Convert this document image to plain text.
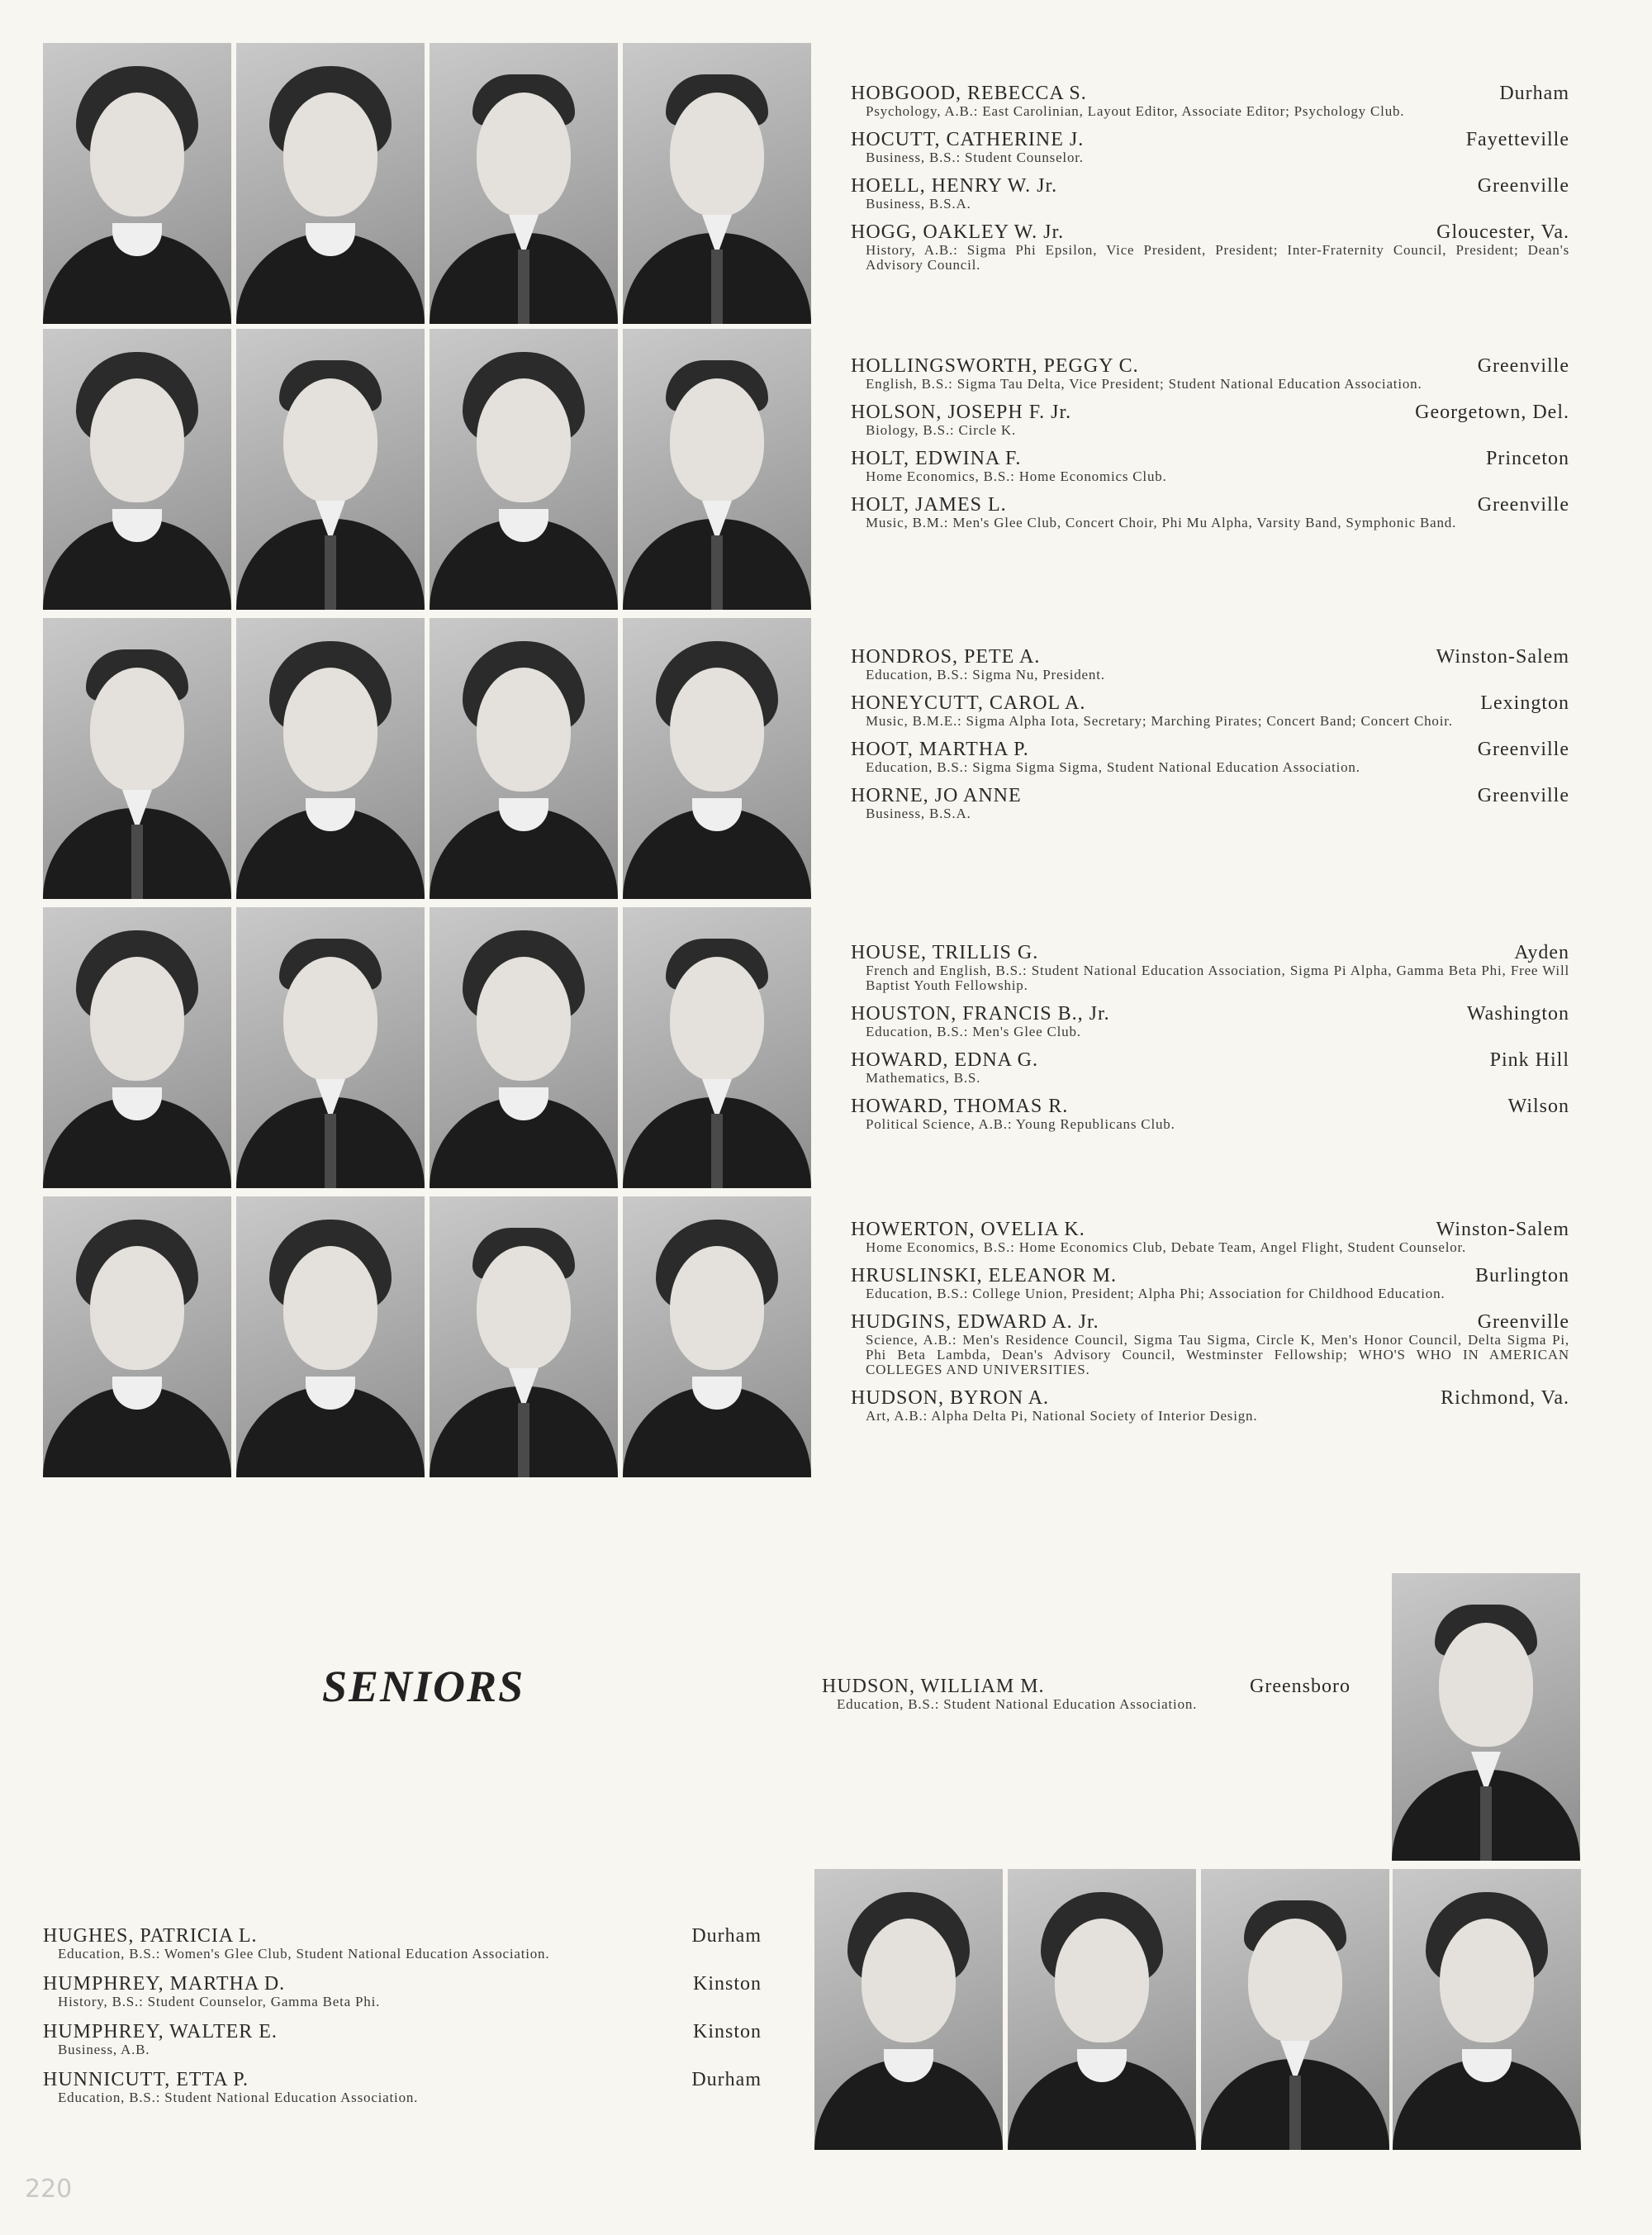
HOBGOOD, REBECCA S.	Durham
Psychology, A.B.: East Carolinian, Layout Editor, Associate Editor; Psychology Club.
HOCUTT, CATHERINE J.	Fayetteville
Business, B.S.: Student Counselor.
HOELL, HENRY W. Jr.	Greenville
Business, B.S.A.
HOGG, OAKLEY W. Jr.	Gloucester, Va.
History, A.B.: Sigma Phi Epsilon, Vice President, President; Inter-Fraternity Council, President; Dean's Advisory Council.
HOLLINGSWORTH, PEGGY C.	Greenville
English, B.S.: Sigma Tau Delta, Vice President; Student National Education Association.
HOLSON, JOSEPH F. Jr.	Georgetown, Del.
Biology, B.S.: Circle K.
HOLT, EDWINA F.	Princeton
Home Economics, B.S.: Home Economics Club.
HOLT, JAMES L.	Greenville
Music, B.M.: Men's Glee Club, Concert Choir, Phi Mu Alpha, Varsity Band, Symphonic Band.
HONDROS, PETE A.	Winston-Salem
Education, B.S.: Sigma Nu, President.
HONEYCUTT, CAROL A.	Lexington
Music, B.M.E.: Sigma Alpha Iota, Secretary; Marching Pirates; Concert Band; Concert Choir.
HOOT, MARTHA P.	Greenville
Education, B.S.: Sigma Sigma Sigma, Student National Education Association.
HORNE, JO ANNE	Greenville
Business, B.S.A.
HOUSE, TRILLIS G.	Ayden
French and English, B.S.: Student National Education Association, Sigma Pi Alpha, Gamma Beta Phi, Free Will Baptist Youth Fellowship.
HOUSTON, FRANCIS B., Jr.	Washington
Education, B.S.: Men's Glee Club.
HOWARD, EDNA G.	Pink Hill
Mathematics, B.S.
HOWARD, THOMAS R.	Wilson
Political Science, A.B.: Young Republicans Club.
HOWERTON, OVELIA K.	Winston-Salem
Home Economics, B.S.: Home Economics Club, Debate Team, Angel Flight, Student Counselor.
HRUSLINSKI, ELEANOR M.	Burlington
Education, B.S.: College Union, President; Alpha Phi; Association for Childhood Education.
HUDGINS, EDWARD A. Jr.	Greenville
Science, A.B.: Men's Residence Council, Sigma Tau Sigma, Circle K, Men's Honor Council, Delta Sigma Pi, Phi Beta Lambda, Dean's Advisory Council, Westminster Fellowship; WHO'S WHO IN AMERICAN COLLEGES AND UNIVERSITIES.
HUDSON, BYRON A.	Richmond, Va.
Art, A.B.: Alpha Delta Pi, National Society of Interior Design.
HUDSON, WILLIAM M.	Greensboro
Education, B.S.: Student National Education Association.
SENIORS
HUGHES, PATRICIA L.	Durham
Education, B.S.: Women's Glee Club, Student National Education Association.
HUMPHREY, MARTHA D.	Kinston
History, B.S.: Student Counselor, Gamma Beta Phi.
HUMPHREY, WALTER E.	Kinston
Business, A.B.
HUNNICUTT, ETTA P.	Durham
Education, B.S.: Student National Education Association.
220
